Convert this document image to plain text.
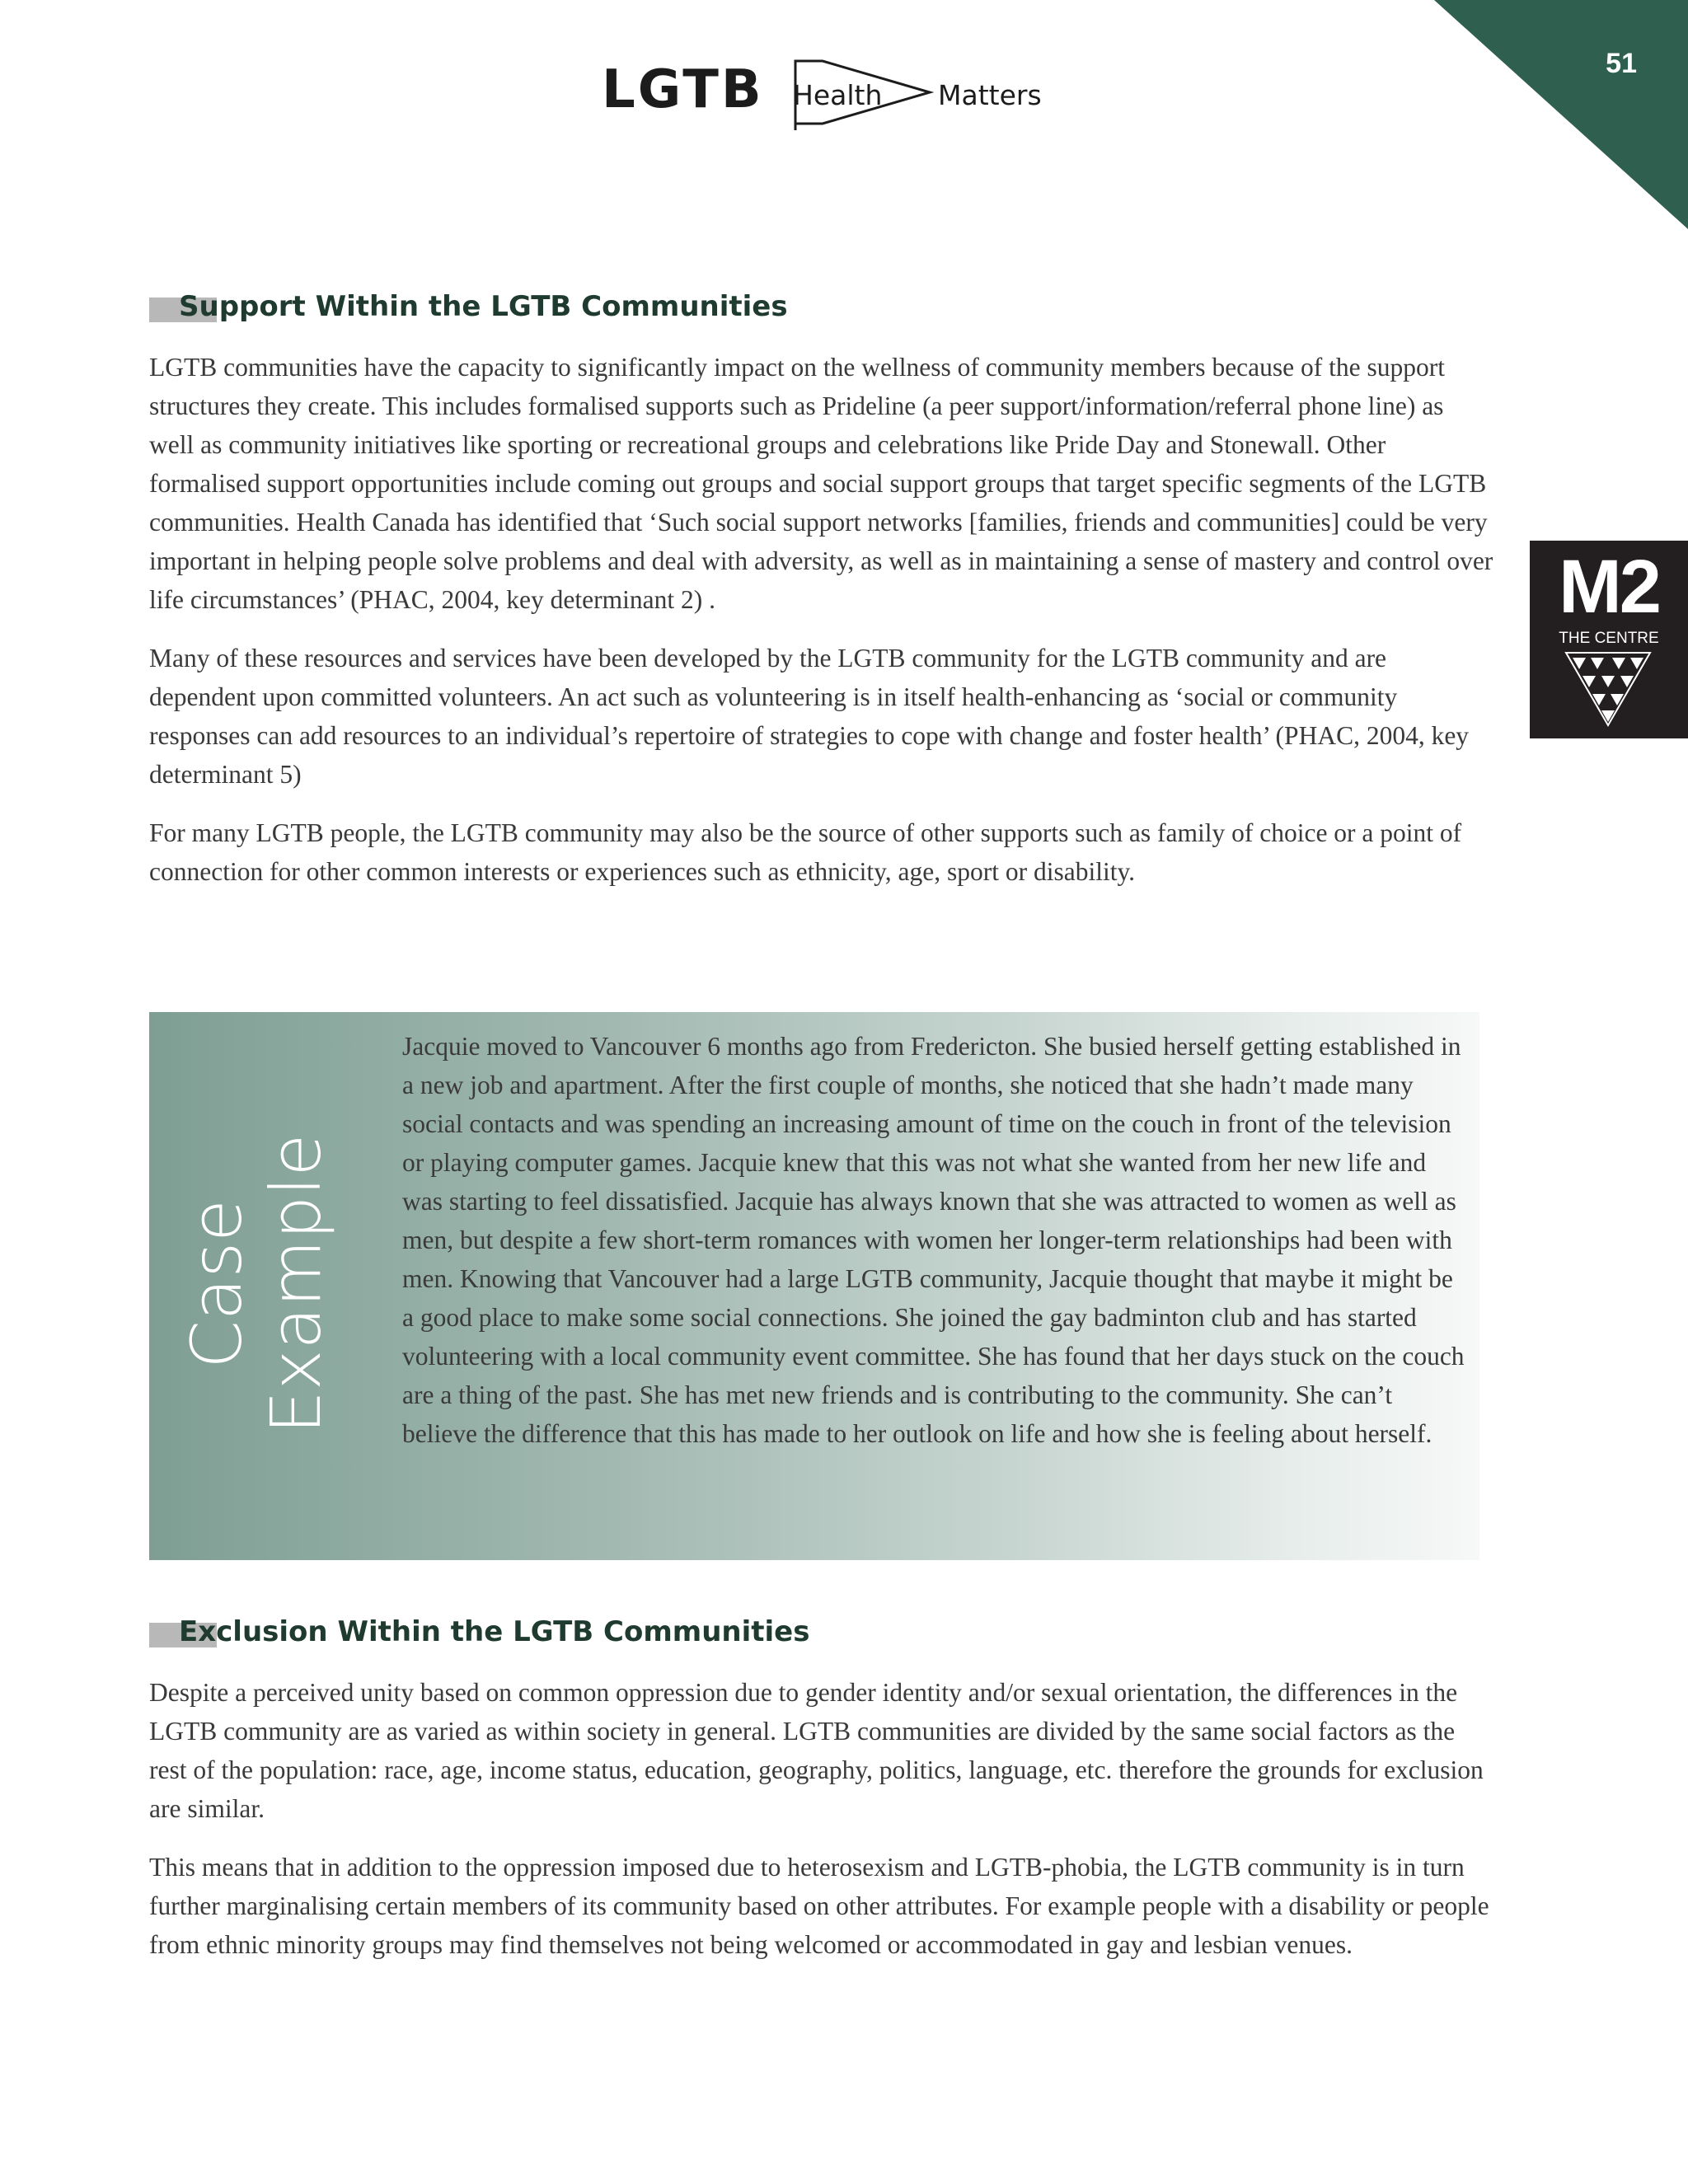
51
LGTB Health Matters
M2
THE CENTRE
Support Within the LGTB Communities

LGTB communities have the capacity to significantly impact on the wellness of community members because of the support structures they create. This includes formalised supports such as Prideline (a peer support/information/referral phone line) as well as community initiatives like sporting or recreational groups and celebrations like Pride Day and Stonewall. Other formalised support opportunities include coming out groups and social support groups that target specific segments of the LGTB communities. Health Canada has identified that ‘Such social support networks [families, friends and communities] could be very important in helping people solve problems and deal with adversity, as well as in maintaining a sense of mastery and control over life circumstances’ (PHAC, 2004, key determinant 2) .

Many of these resources and services have been developed by the LGTB community for the LGTB community and are dependent upon committed volunteers. An act such as volunteering is in itself health-enhancing as ‘social or community responses can add resources to an individual’s repertoire of strategies to cope with change and foster health’ (PHAC, 2004, key determinant 5)

For many LGTB people, the LGTB community may also be the source of other supports such as family of choice or a point of connection for other common interests or experiences such as ethnicity, age, sport or disability.

Case
Example

Jacquie moved to Vancouver 6 months ago from Fredericton. She busied herself getting established in a new job and apartment. After the first couple of months, she noticed that she hadn’t made many social contacts and was spending an increasing amount of time on the couch in front of the television or playing computer games. Jacquie knew that this was not what she wanted from her new life and was starting to feel dissatisfied. Jacquie has always known that she was attracted to women as well as men, but despite a few short-term romances with women her longer-term relationships had been with men. Knowing that Vancouver had a large LGTB community, Jacquie thought that maybe it might be a good place to make some social connections. She joined the gay badminton club and has started volunteering with a local community event committee. She has found that her days stuck on the couch are a thing of the past. She has met new friends and is contributing to the community. She can’t believe the difference that this has made to her outlook on life and how she is feeling about herself.

Exclusion Within the LGTB Communities

Despite a perceived unity based on common oppression due to gender identity and/or sexual orientation, the differences in the LGTB community are as varied as within society in general. LGTB communities are divided by the same social factors as the rest of the population: race, age, income status, education, geography, politics, language, etc. therefore the grounds for exclusion are similar.

This means that in addition to the oppression imposed due to heterosexism and LGTB-phobia, the LGTB community is in turn further marginalising certain members of its community based on other attributes. For example people with a disability or people from ethnic minority groups may find themselves not being welcomed or accommodated in gay and lesbian venues.
